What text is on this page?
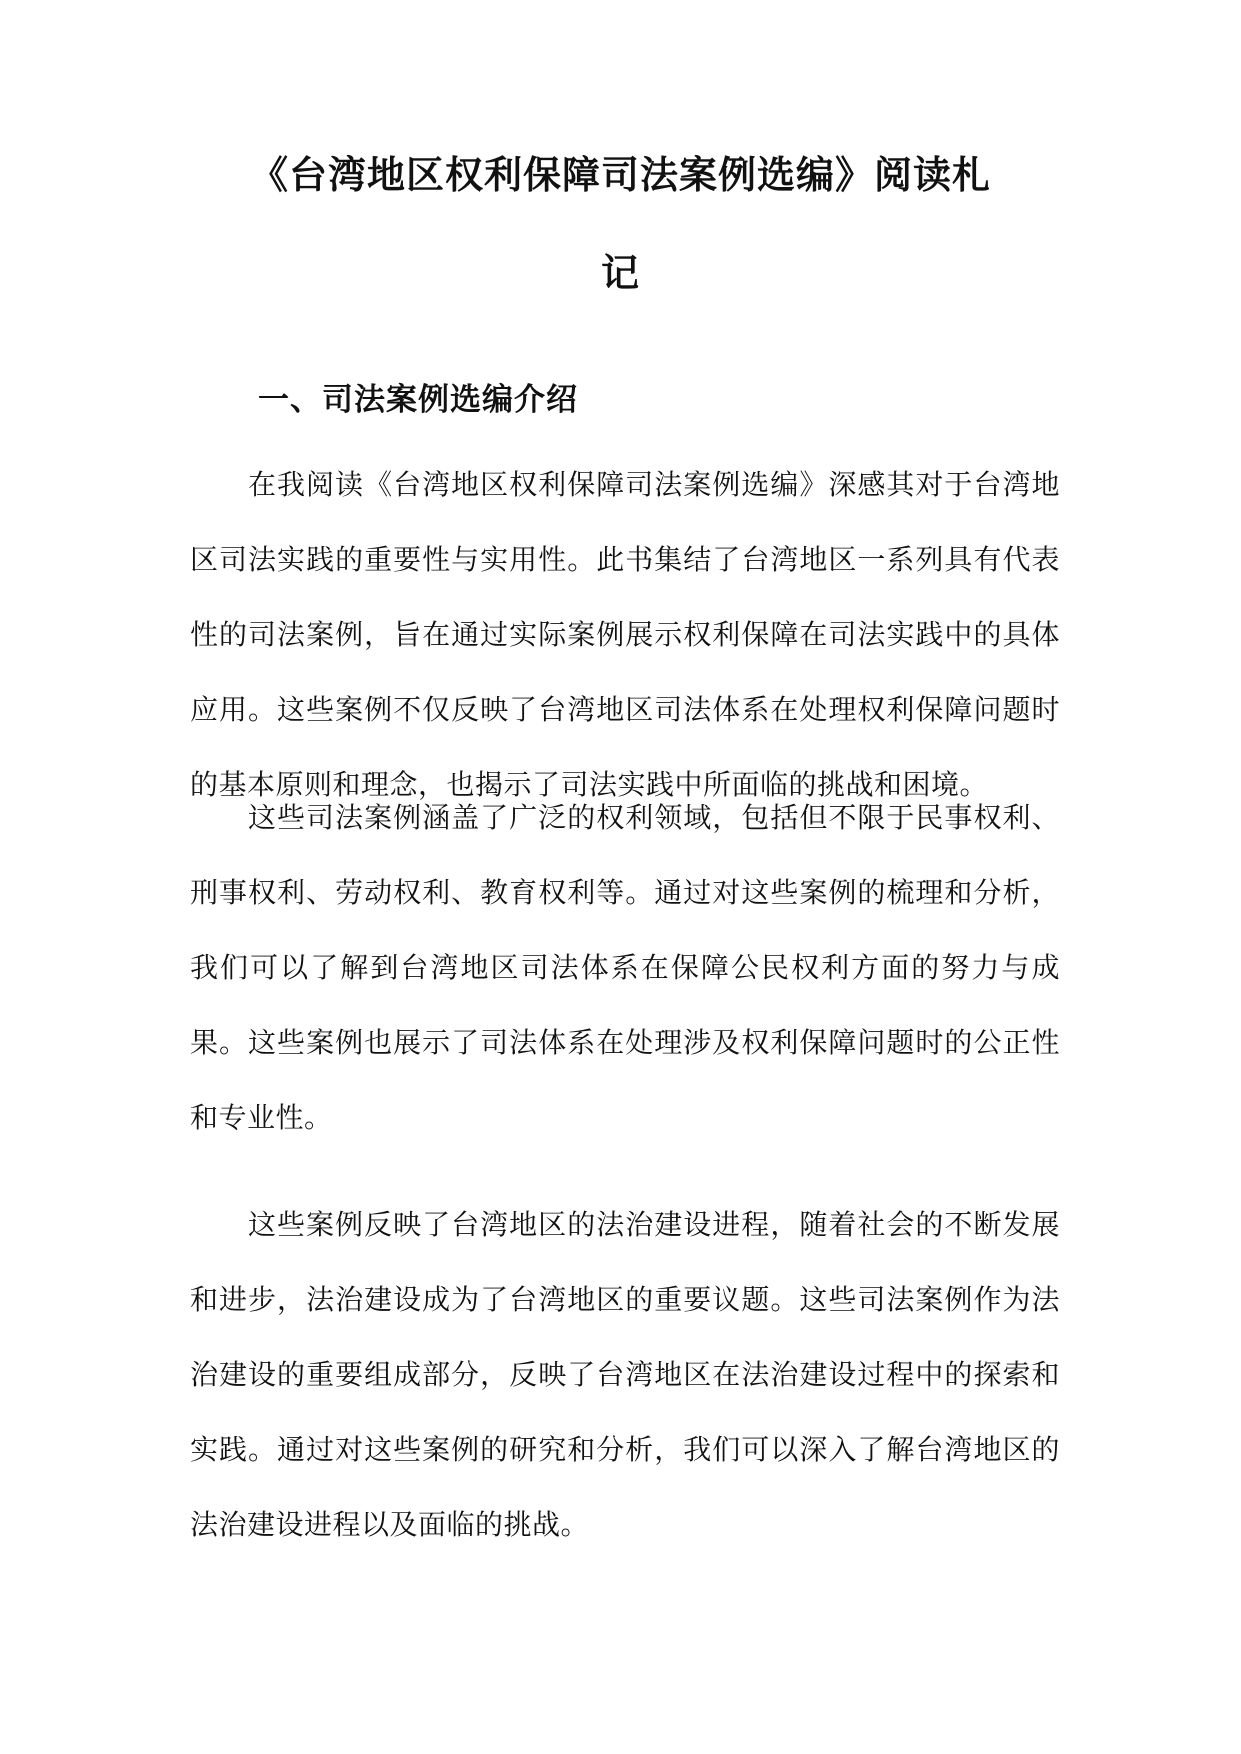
《台湾地区权利保障司法案例选编》阅读札
记
一、司法案例选编介绍

在我阅读《台湾地区权利保障司法案例选编》深感其对于台湾地区司法实践的重要性与实用性。此书集结了台湾地区一系列具有代表性的司法案例，旨在通过实际案例展示权利保障在司法实践中的具体应用。这些案例不仅反映了台湾地区司法体系在处理权利保障问题时的基本原则和理念，也揭示了司法实践中所面临的挑战和困境。

这些司法案例涵盖了广泛的权利领域，包括但不限于民事权利、刑事权利、劳动权利、教育权利等。通过对这些案例的梳理和分析，我们可以了解到台湾地区司法体系在保障公民权利方面的努力与成果。这些案例也展示了司法体系在处理涉及权利保障问题时的公正性和专业性。

这些案例反映了台湾地区的法治建设进程，随着社会的不断发展和进步，法治建设成为了台湾地区的重要议题。这些司法案例作为法治建设的重要组成部分，反映了台湾地区在法治建设过程中的探索和实践。通过对这些案例的研究和分析，我们可以深入了解台湾地区的法治建设进程以及面临的挑战。
